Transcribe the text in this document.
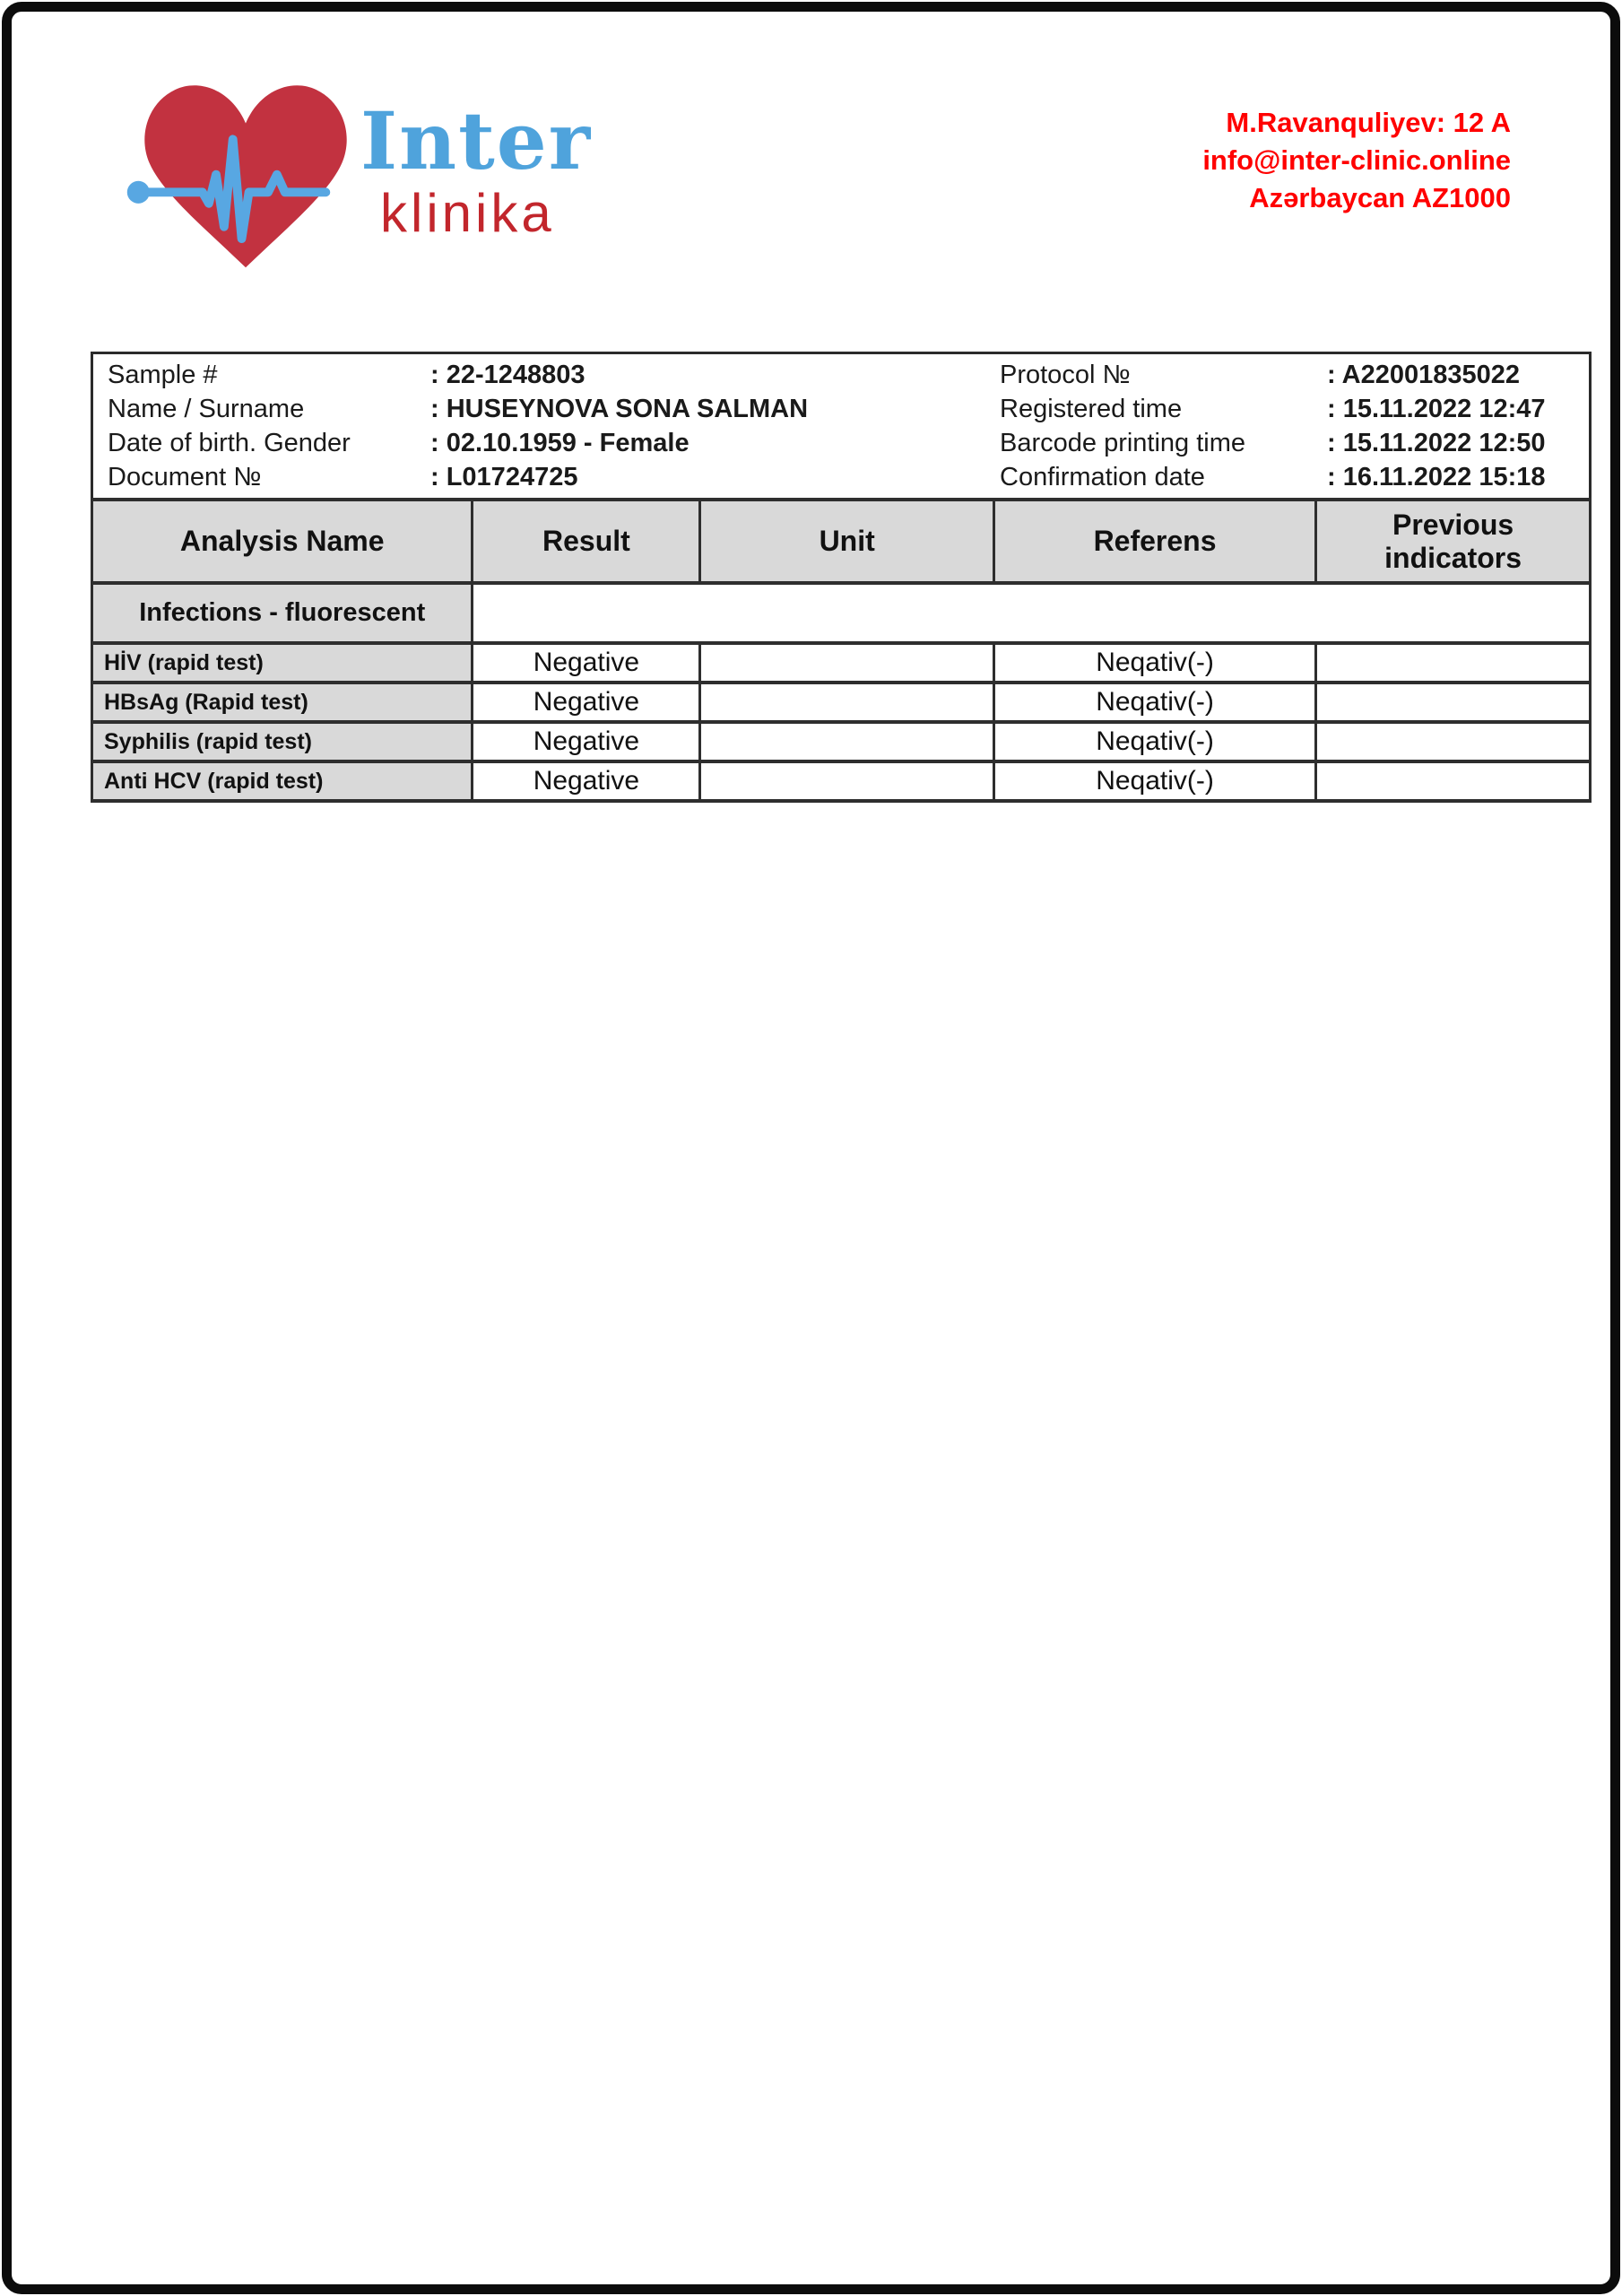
Inter
klinika
M.Ravanquliyev: 12 A
info@inter-clinic.online
Azərbaycan AZ1000
Sample #	: 22-1248803	Protocol №	: A22001835022
Name / Surname	: HUSEYNOVA SONA SALMAN	Registered time	: 15.11.2022 12:47
Date of birth. Gender	: 02.10.1959 - Female	Barcode printing time	: 15.11.2022 12:50
Document №	: L01724725	Confirmation date	: 16.11.2022 15:18
Analysis Name	Result	Unit	Referens	Previous indicators
Infections - fluorescent				
HİV (rapid test)	Negative		Neqativ(-)	
HBsAg (Rapid test)	Negative		Neqativ(-)	
Syphilis (rapid test)	Negative		Neqativ(-)	
Anti HCV (rapid test)	Negative		Neqativ(-)	
